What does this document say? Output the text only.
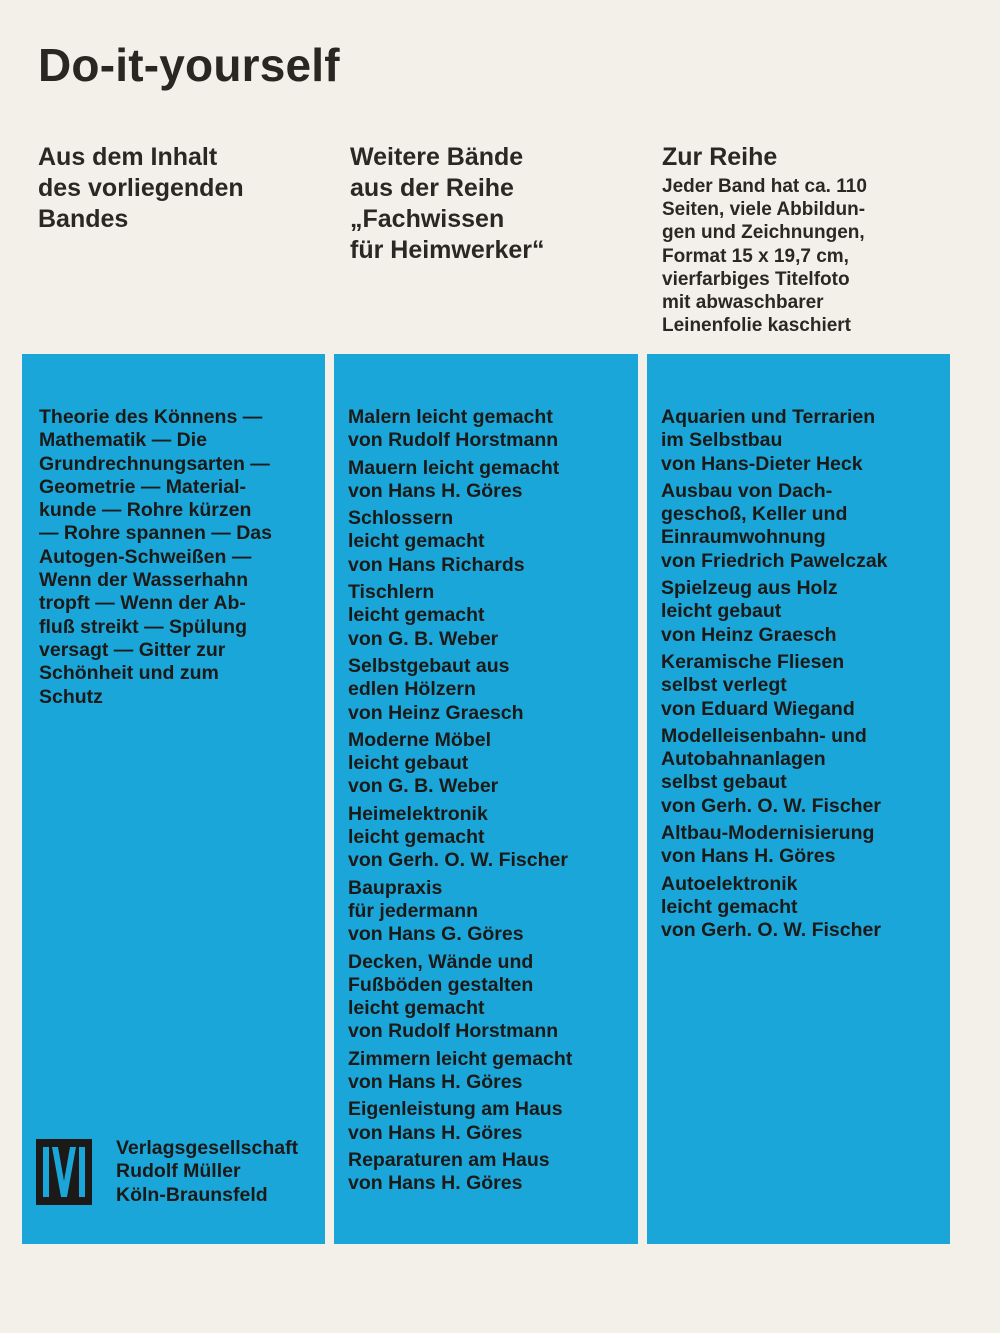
Do-it-yourself
Aus dem Inhalt
des vorliegenden
Bandes
Weitere Bände
aus der Reihe
„Fachwissen
für Heimwerker“
Zur Reihe
Jeder Band hat ca. 110
Seiten, viele Abbildun-
gen und Zeichnungen,
Format 15 x 19,7 cm,
vierfarbiges Titelfoto
mit abwaschbarer
Leinenfolie kaschiert
Theorie des Könnens —
Mathematik — Die
Grundrechnungsarten —
Geometrie — Material-
kunde — Rohre kürzen
— Rohre spannen — Das
Autogen-Schweißen —
Wenn der Wasserhahn
tropft — Wenn der Ab-
fluß streikt — Spülung
versagt — Gitter zur
Schönheit und zum
Schutz
Verlagsgesellschaft
Rudolf Müller
Köln-Braunsfeld
Malern leicht gemacht
von Rudolf Horstmann
Mauern leicht gemacht
von Hans H. Göres
Schlossern
leicht gemacht
von Hans Richards
Tischlern
leicht gemacht
von G. B. Weber
Selbstgebaut aus
edlen Hölzern
von Heinz Graesch
Moderne Möbel
leicht gebaut
von G. B. Weber
Heimelektronik
leicht gemacht
von Gerh. O. W. Fischer
Baupraxis
für jedermann
von Hans G. Göres
Decken, Wände und
Fußböden gestalten
leicht gemacht
von Rudolf Horstmann
Zimmern leicht gemacht
von Hans H. Göres
Eigenleistung am Haus
von Hans H. Göres
Reparaturen am Haus
von Hans H. Göres
Aquarien und Terrarien
im Selbstbau
von Hans-Dieter Heck
Ausbau von Dach-
geschoß, Keller und
Einraumwohnung
von Friedrich Pawelczak
Spielzeug aus Holz
leicht gebaut
von Heinz Graesch
Keramische Fliesen
selbst verlegt
von Eduard Wiegand
Modelleisenbahn- und
Autobahnanlagen
selbst gebaut
von Gerh. O. W. Fischer
Altbau-Modernisierung
von Hans H. Göres
Autoelektronik
leicht gemacht
von Gerh. O. W. Fischer
